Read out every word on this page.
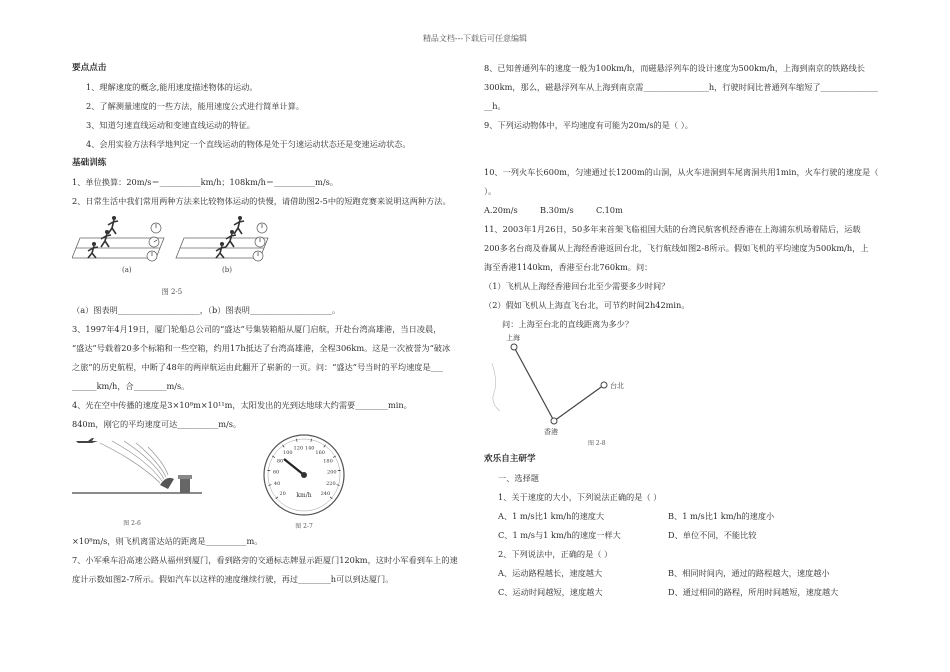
精品文档---下载后可任意编辑

要点点击

1、理解速度的概念,能用速度描述物体的运动。

2、了解测量速度的一些方法，能用速度公式进行简单计算。

3、知道匀速直线运动和变速直线运动的特征。

4、会用实验方法科学地判定一个直线运动的物体是处于匀速运动状态还是变速运动状态。

基础训练

1、单位换算：20m/s＝__________km/h；108km/h＝__________m/s。

2、日常生活中我们常用两种方法来比较物体运动的快慢，请借助图2-5中的短跑竞赛来说明这两种方法。

(a)	(b)
图 2-5

（a）图表明____________________，（b）图表明____________________。

3、1997年4月19日，厦门轮船总公司的“盛达”号集装箱船从厦门启航，开赴台湾高雄港，当日凌晨，

“盛达”号载着20多个标箱和一些空箱，约用17h抵达了台湾高雄港，全程306km。这是一次被誉为“破冰

之旅”的历史航程，中断了48年的两岸航运由此翻开了崭新的一页。问：“盛达”号当时的平均速度是___

______km/h，合________m/s。

4、光在空中传播的速度是3×10⁸m×10¹¹m，太阳发出的光到达地球大约需要________min。

840m，刚它的平均速度可达__________m/s。

图 2-6
20
40
60
80
100
120 140
160
180
200
220
240
km/h
图 2-7

×10⁸m/s，则飞机离雷达站的距离是__________m。

7、小军乘车沿高速公路从福州到厦门，看到路旁的交通标志牌显示距厦门120km，这时小军看到车上的速

度计示数如图2-7所示。假如汽车以这样的速度继续行驶，再过________h可以到达厦门。

8、已知普通列车的速度一般为100km/h，而磁悬浮列车的设计速度为500km/h，上海到南京的铁路线长

300km，那么，磁悬浮列车从上海到南京需________________h，行驶时间比普通列车缩短了______________

__h。

9、下列运动物体中，平均速度有可能为20m/s的是（ ）。

10、一列火车长600m，匀速通过长1200m的山洞，从火车进洞到车尾离洞共用1min，火车行驶的速度是（

）。

A.20m/s	B.30m/s	C.10m

11、2003年1月26日，50多年来首架飞临祖国大陆的台湾民航客机经香港在上海浦东机场着陆后，运载

200多名台商及眷属从上海经香港返回台北，飞行航线如图2-8所示。假如飞机的平均速度为500km/h，上

海至香港1140km，香港至台北760km。问：

（1）飞机从上海经香港回台北至少需要多少时间？

（2）假如飞机从上海直飞台北，可节约时间2h42min。

问：上海至台北的直线距离为多少？

上海
香港
台北
图 2-8

欢乐自主研学

一、选择题

1、关于速度的大小，下列说法正确的是（ ）

A、1 m/s比1 km/h的速度大	B、1 m/s比1 km/h的速度小
C、1 m/s与1 km/h的速度一样大	D、单位不同，不能比较

2、下列说法中，正确的是（ ）

A、运动路程越长，速度越大	B、相同时间内，通过的路程越大，速度越小
C、运动时间越短，速度越大	D、通过相同的路程，所用时间越短，速度越大
